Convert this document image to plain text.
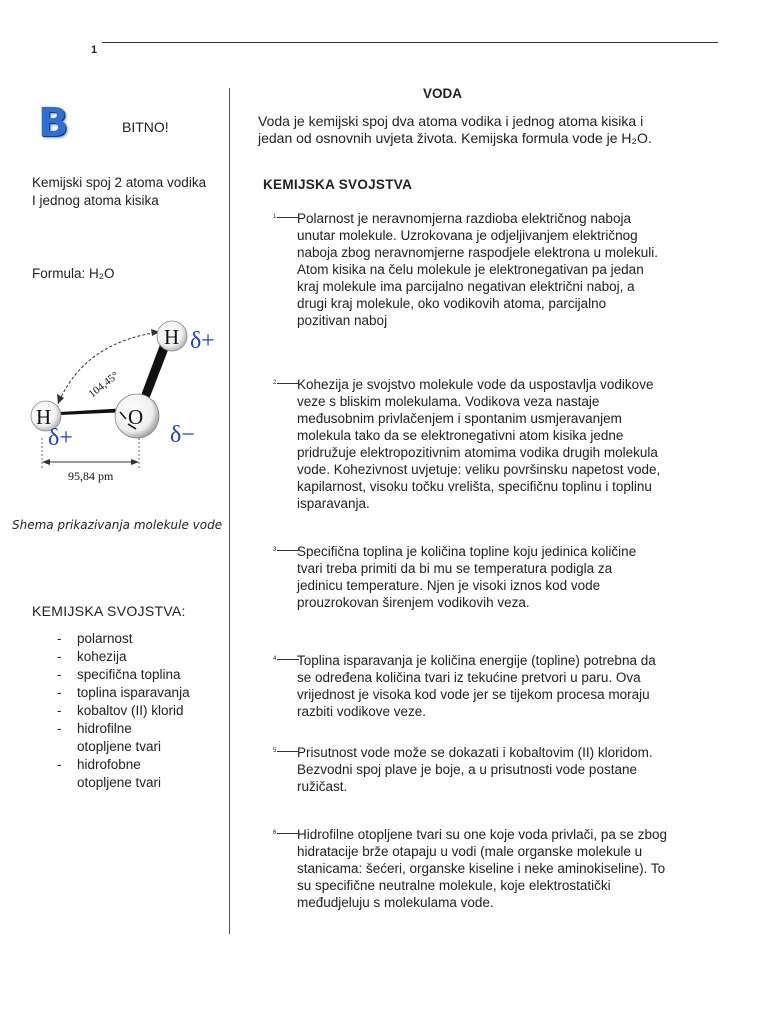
1
B	BITNO!
Kemijski spoj 2 atoma vodika I jednog atoma kisika
Formula: H₂O
H
H	O
δ+
δ+	δ−
104,45°
95,84 pm
Shema prikazivanja molekule vode
KEMIJSKA SVOJSTVA:
- polarnost
- kohezija
- specifična toplina
- toplina isparavanja
- kobaltov (II) klorid
- hidrofilne otopljene tvari
- hidrofobne otopljene tvari
VODA
Voda je kemijski spoj dva atoma vodika i jednog atoma kisika i jedan od osnovnih uvjeta života. Kemijska formula vode je H₂O.
KEMIJSKA SVOJSTVA
1	Polarnost je neravnomjerna razdioba električnog naboja unutar molekule. Uzrokovana je odjeljivanjem električnog naboja zbog neravnomjerne raspodjele elektrona u molekuli. Atom kisika na čelu molekule je elektronegativan pa jedan kraj molekule ima parcijalno negativan električni naboj, a drugi kraj molekule, oko vodikovih atoma, parcijalno pozitivan naboj
2	Kohezija je svojstvo molekule vode da uspostavlja vodikove veze s bliskim molekulama. Vodikova veza nastaje međusobnim privlačenjem i spontanim usmjeravanjem molekula tako da se elektronegativni atom kisika jedne pridružuje elektropozitivnim atomima vodika drugih molekula vode. Kohezivnost uvjetuje: veliku površinsku napetost vode, kapilarnost, visoku točku vrelišta, specifičnu toplinu i toplinu isparavanja.
3	Specifična toplina je količina topline koju jedinica količine tvari treba primiti da bi mu se temperatura podigla za jedinicu temperature. Njen je visoki iznos kod vode prouzrokovan širenjem vodikovih veza.
4	Toplina isparavanja je količina energije (topline) potrebna da se određena količina tvari iz tekućine pretvori u paru. Ova vrijednost je visoka kod vode jer se tijekom procesa moraju razbiti vodikove veze.
5	Prisutnost vode može se dokazati i kobaltovim (II) kloridom. Bezvodni spoj plave je boje, a u prisutnosti vode postane ružičast.
6	Hidrofilne otopljene tvari su one koje voda privlači, pa se zbog hidratacije brže otapaju u vodi (male organske molekule u stanicama: šećeri, organske kiseline i neke aminokiseline). To su specifične neutralne molekule, koje elektrostatički međudjeluju s molekulama vode.
